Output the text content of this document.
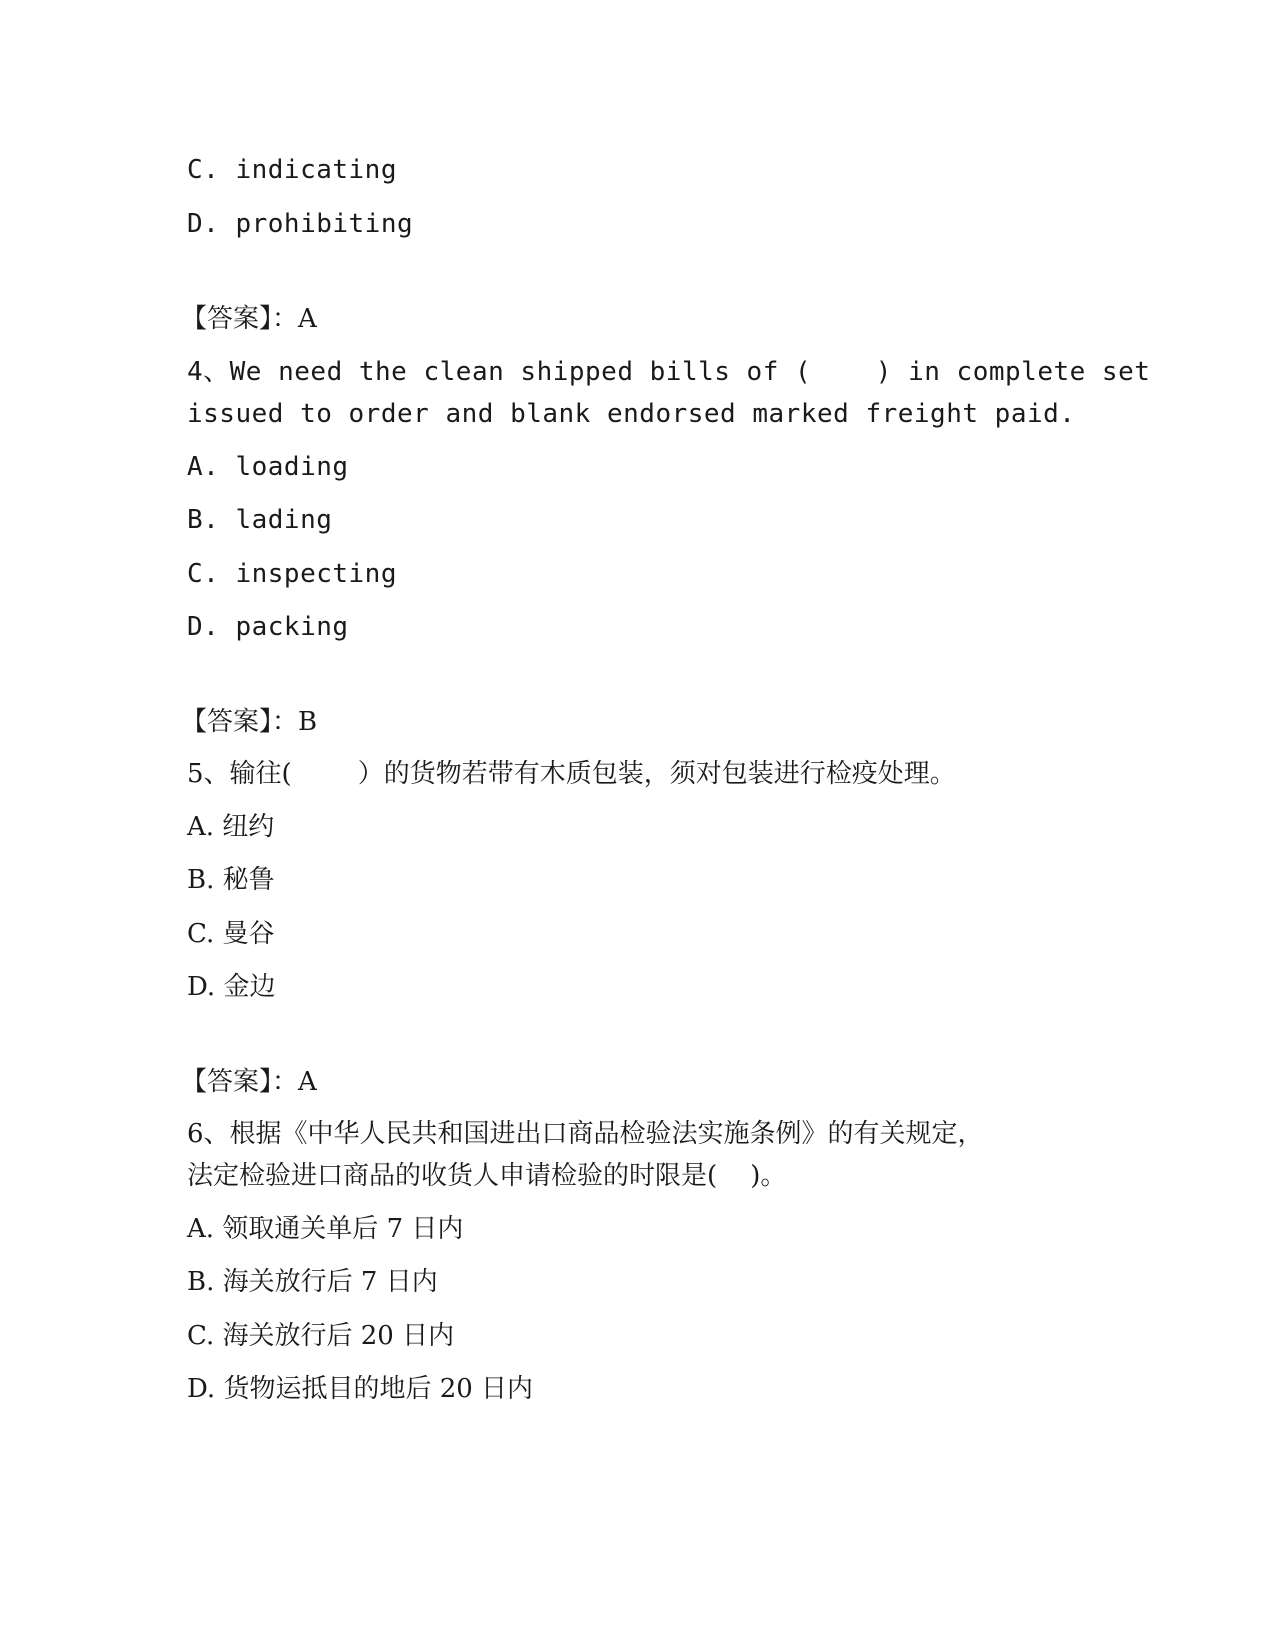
C. indicating
D. prohibiting
【答案】：A
4、We need the clean shipped bills of (    ) in complete set
issued to order and blank endorsed marked freight paid.
A. loading
B. lading
C. inspecting
D. packing
【答案】：B
5、输往(        ）的货物若带有木质包装，须对包装进行检疫处理。
A. 纽约
B. 秘鲁
C. 曼谷
D. 金边
【答案】：A
6、根据《中华人民共和国进出口商品检验法实施条例》的有关规定，
法定检验进口商品的收货人申请检验的时限是(    )。
A. 领取通关单后 7 日内
B. 海关放行后 7 日内
C. 海关放行后 20 日内
D. 货物运抵目的地后 20 日内
